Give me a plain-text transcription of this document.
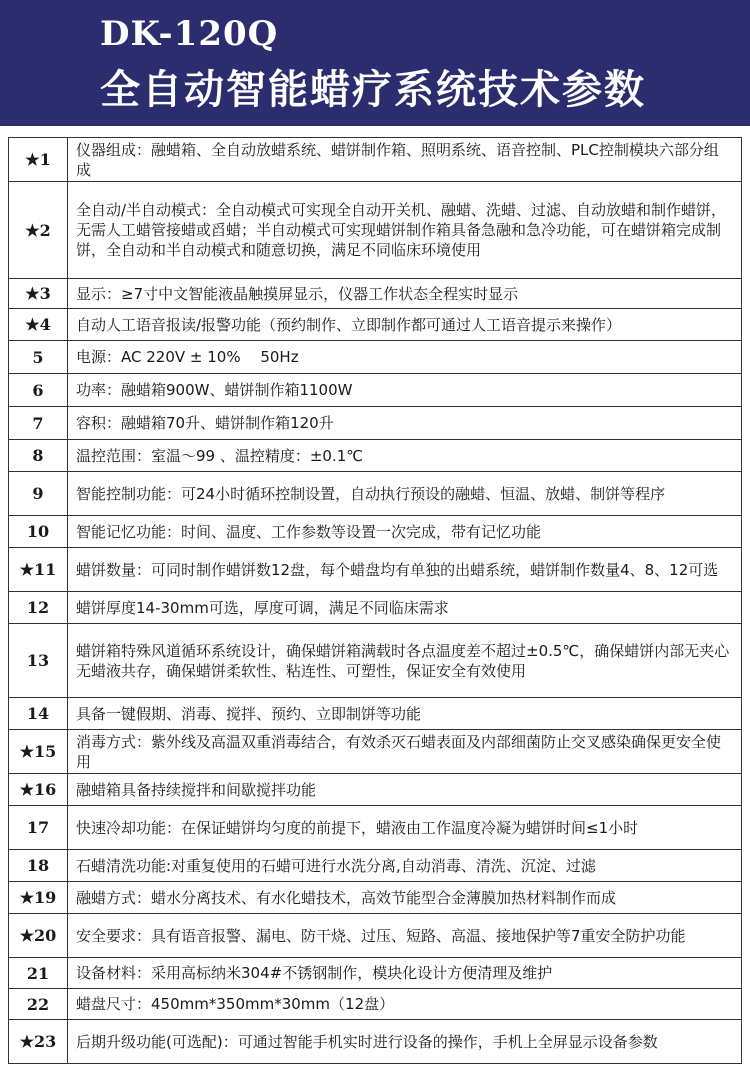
DK-120Q
全自动智能蜡疗系统技术参数
★1	仪器组成：融蜡箱、全自动放蜡系统、蜡饼制作箱、照明系统、语音控制、PLC控制模块六部分组成
★2	全自动/半自动模式：全自动模式可实现全自动开关机、融蜡、洗蜡、过滤、自动放蜡和制作蜡饼，无需人工蜡管接蜡或舀蜡；半自动模式可实现蜡饼制作箱具备急融和急冷功能，可在蜡饼箱完成制饼，全自动和半自动模式和随意切换，满足不同临床环境使用
★3	显示：≥7寸中文智能液晶触摸屏显示，仪器工作状态全程实时显示
★4	自动人工语音报读/报警功能（预约制作、立即制作都可通过人工语音提示来操作）
5	电源：AC 220V ± 10%　 50Hz
6	功率：融蜡箱900W、蜡饼制作箱1100W
7	容积：融蜡箱70升、蜡饼制作箱120升
8	温控范围：室温～99 、温控精度：±0.1℃
9	智能控制功能：可24小时循环控制设置，自动执行预设的融蜡、恒温、放蜡、制饼等程序
10	智能记忆功能：时间、温度、工作参数等设置一次完成，带有记忆功能
★11	蜡饼数量：可同时制作蜡饼数12盘，每个蜡盘均有单独的出蜡系统，蜡饼制作数量4、8、12可选
12	蜡饼厚度14-30mm可选，厚度可调，满足不同临床需求
13	蜡饼箱特殊风道循环系统设计，确保蜡饼箱满载时各点温度差不超过±0.5℃，确保蜡饼内部无夹心无蜡液共存，确保蜡饼柔软性、粘连性、可塑性，保证安全有效使用
14	具备一键假期、消毒、搅拌、预约、立即制饼等功能
★15	消毒方式：紫外线及高温双重消毒结合，有效杀灭石蜡表面及内部细菌防止交叉感染确保更安全使用
★16	融蜡箱具备持续搅拌和间歇搅拌功能
17	快速冷却功能：在保证蜡饼均匀度的前提下，蜡液由工作温度冷凝为蜡饼时间≤1小时
18	石蜡清洗功能:对重复使用的石蜡可进行水洗分离,自动消毒、清洗、沉淀、过滤
★19	融蜡方式：蜡水分离技术、有水化蜡技术，高效节能型合金薄膜加热材料制作而成
★20	安全要求：具有语音报警、漏电、防干烧、过压、短路、高温、接地保护等7重安全防护功能
21	设备材料：采用高标纳米304#不锈钢制作，模块化设计方便清理及维护
22	蜡盘尺寸：450mm*350mm*30mm（12盘）
★23	后期升级功能(可选配)：可通过智能手机实时进行设备的操作，手机上全屏显示设备参数
